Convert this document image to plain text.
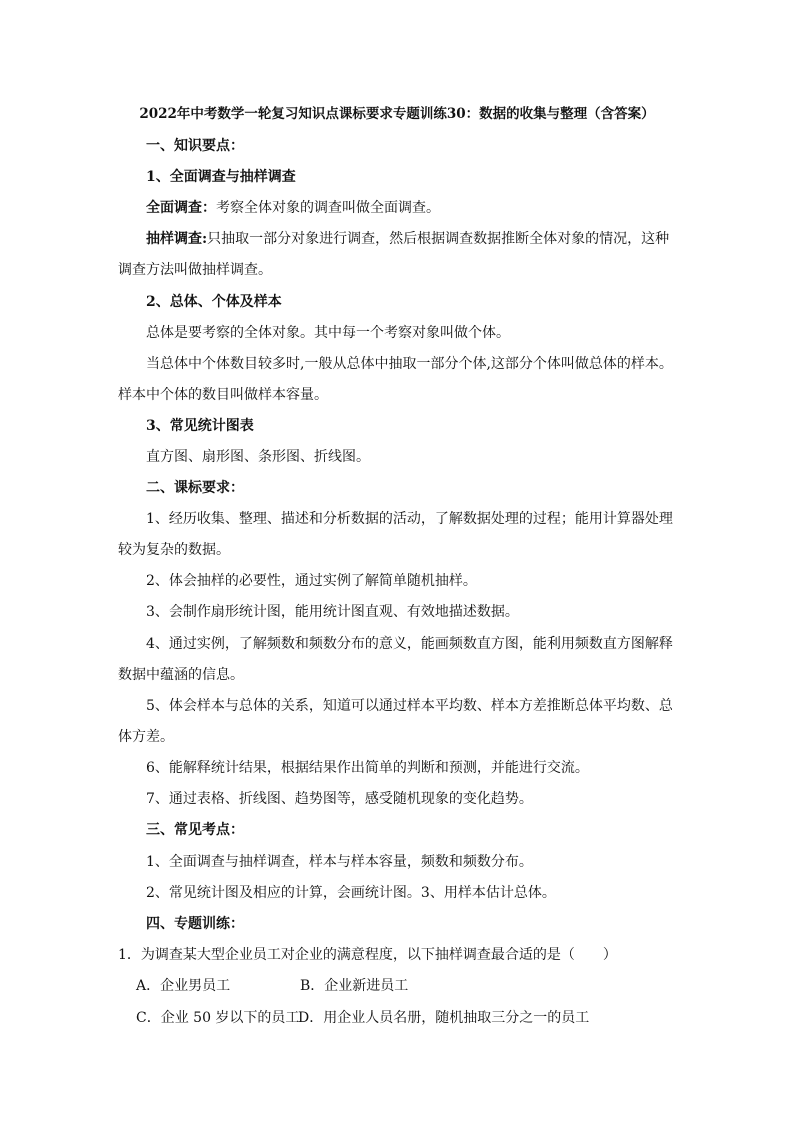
2022年中考数学一轮复习知识点课标要求专题训练30：数据的收集与整理（含答案）
一、知识要点：
1、全面调查与抽样调查
全面调查：考察全体对象的调查叫做全面调查。
抽样调查:只抽取一部分对象进行调查，然后根据调查数据推断全体对象的情况，这种
调查方法叫做抽样调查。
2、总体、个体及样本
总体是要考察的全体对象。其中每一个考察对象叫做个体。
当总体中个体数目较多时,一般从总体中抽取一部分个体,这部分个体叫做总体的样本。
样本中个体的数目叫做样本容量。
3、常见统计图表
直方图、扇形图、条形图、折线图。
二、课标要求：
1、经历收集、整理、描述和分析数据的活动，了解数据处理的过程；能用计算器处理
较为复杂的数据。
2、体会抽样的必要性，通过实例了解简单随机抽样。
3、会制作扇形统计图，能用统计图直观、有效地描述数据。
4、通过实例，了解频数和频数分布的意义，能画频数直方图，能利用频数直方图解释
数据中蕴涵的信息。
5、体会样本与总体的关系，知道可以通过样本平均数、样本方差推断总体平均数、总
体方差。
6、能解释统计结果，根据结果作出简单的判断和预测，并能进行交流。
7、通过表格、折线图、趋势图等，感受随机现象的变化趋势。
三、常见考点：
1、全面调查与抽样调查，样本与样本容量，频数和频数分布。
2、常见统计图及相应的计算，会画统计图。3、用样本估计总体。
四、专题训练：
1．为调查某大型企业员工对企业的满意程度，以下抽样调查最合适的是（　　）
A．企业男员工	B．企业新进员工
C．企业 50 岁以下的员工
D．用企业人员名册，随机抽取三分之一的员工
